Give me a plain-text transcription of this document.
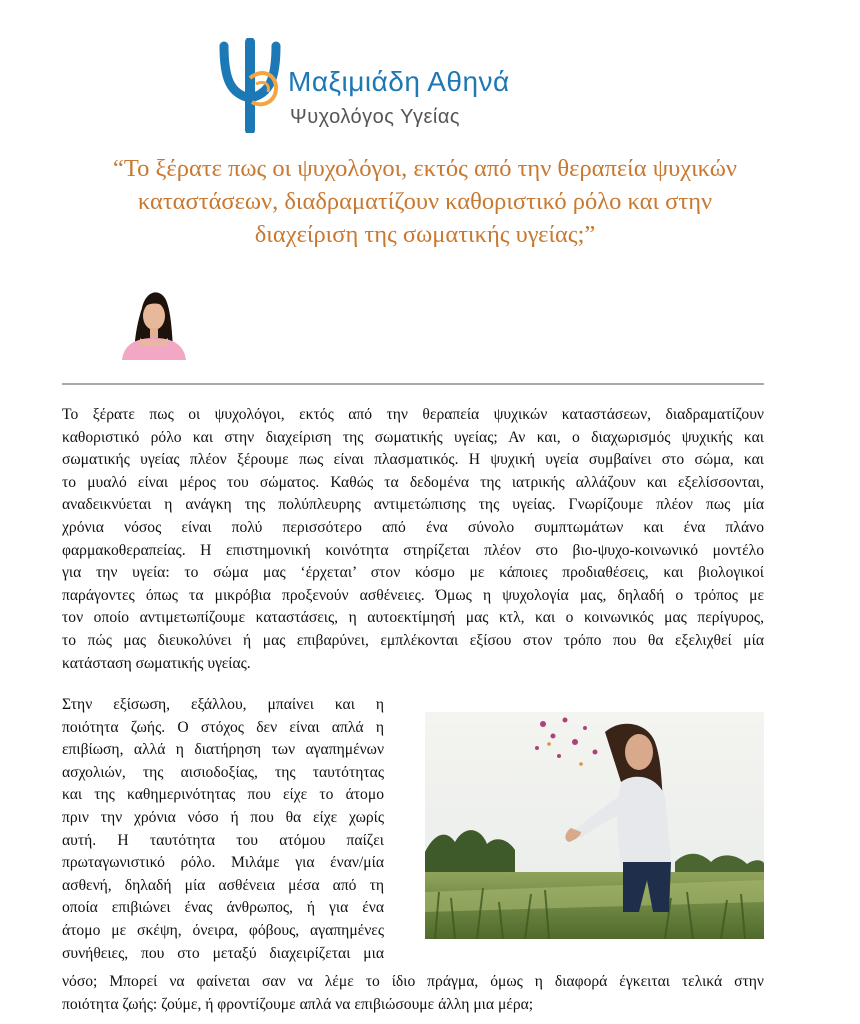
Μαξιμιάδη Αθηνά
Ψυχολόγος Υγείας
“Το ξέρατε πως οι ψυχολόγοι, εκτός από την θεραπεία ψυχικών
καταστάσεων, διαδραματίζουν καθοριστικό ρόλο και στην
διαχείριση της σωματικής υγείας;”
Το ξέρατε πως οι ψυχολόγοι, εκτός από την θεραπεία ψυχικών καταστάσεων, διαδραματίζουν
καθοριστικό ρόλο και στην διαχείριση της σωματικής υγείας; Αν και, ο διαχωρισμός ψυχικής και
σωματικής υγείας πλέον ξέρουμε πως είναι πλασματικός. Η ψυχική υγεία συμβαίνει στο σώμα, και
το μυαλό είναι μέρος του σώματος. Καθώς τα δεδομένα της ιατρικής αλλάζουν και εξελίσσονται,
αναδεικνύεται η ανάγκη της πολύπλευρης αντιμετώπισης της υγείας. Γνωρίζουμε πλέον πως μία
χρόνια νόσος είναι πολύ περισσότερο από ένα σύνολο συμπτωμάτων και ένα πλάνο
φαρμακοθεραπείας. Η επιστημονική κοινότητα στηρίζεται πλέον στο βιο-ψυχο-κοινωνικό μοντέλο
για την υγεία: το σώμα μας ‘έρχεται’ στον κόσμο με κάποιες προδιαθέσεις, και βιολογικοί
παράγοντες όπως τα μικρόβια προξενούν ασθένειες. Όμως η ψυχολογία μας, δηλαδή ο τρόπος με
τον οποίο αντιμετωπίζουμε καταστάσεις, η αυτοεκτίμησή μας κτλ, και ο κοινωνικός μας περίγυρος,
το πώς μας διευκολύνει ή μας επιβαρύνει, εμπλέκονται εξίσου στον τρόπο που θα εξελιχθεί μία
κατάσταση σωματικής υγείας.
Στην εξίσωση, εξάλλου, μπαίνει και η
ποιότητα ζωής. Ο στόχος δεν είναι απλά η
επιβίωση, αλλά η διατήρηση των αγαπημένων
ασχολιών, της αισιοδοξίας, της ταυτότητας
και της καθημερινότητας που είχε το άτομο
πριν την χρόνια νόσο ή που θα είχε χωρίς
αυτή. Η ταυτότητα του ατόμου παίζει
πρωταγωνιστικό ρόλο. Μιλάμε για έναν/μία
ασθενή, δηλαδή μία ασθένεια μέσα από τη
οποία επιβιώνει ένας άνθρωπος, ή για ένα
άτομο με σκέψη, όνειρα, φόβους, αγαπημένες
συνήθειες, που στο μεταξύ διαχειρίζεται μια
νόσο; Μπορεί να φαίνεται σαν να λέμε το ίδιο πράγμα, όμως η διαφορά έγκειται τελικά στην
ποιότητα ζωής: ζούμε, ή φροντίζουμε απλά να επιβιώσουμε άλλη μια μέρα;
